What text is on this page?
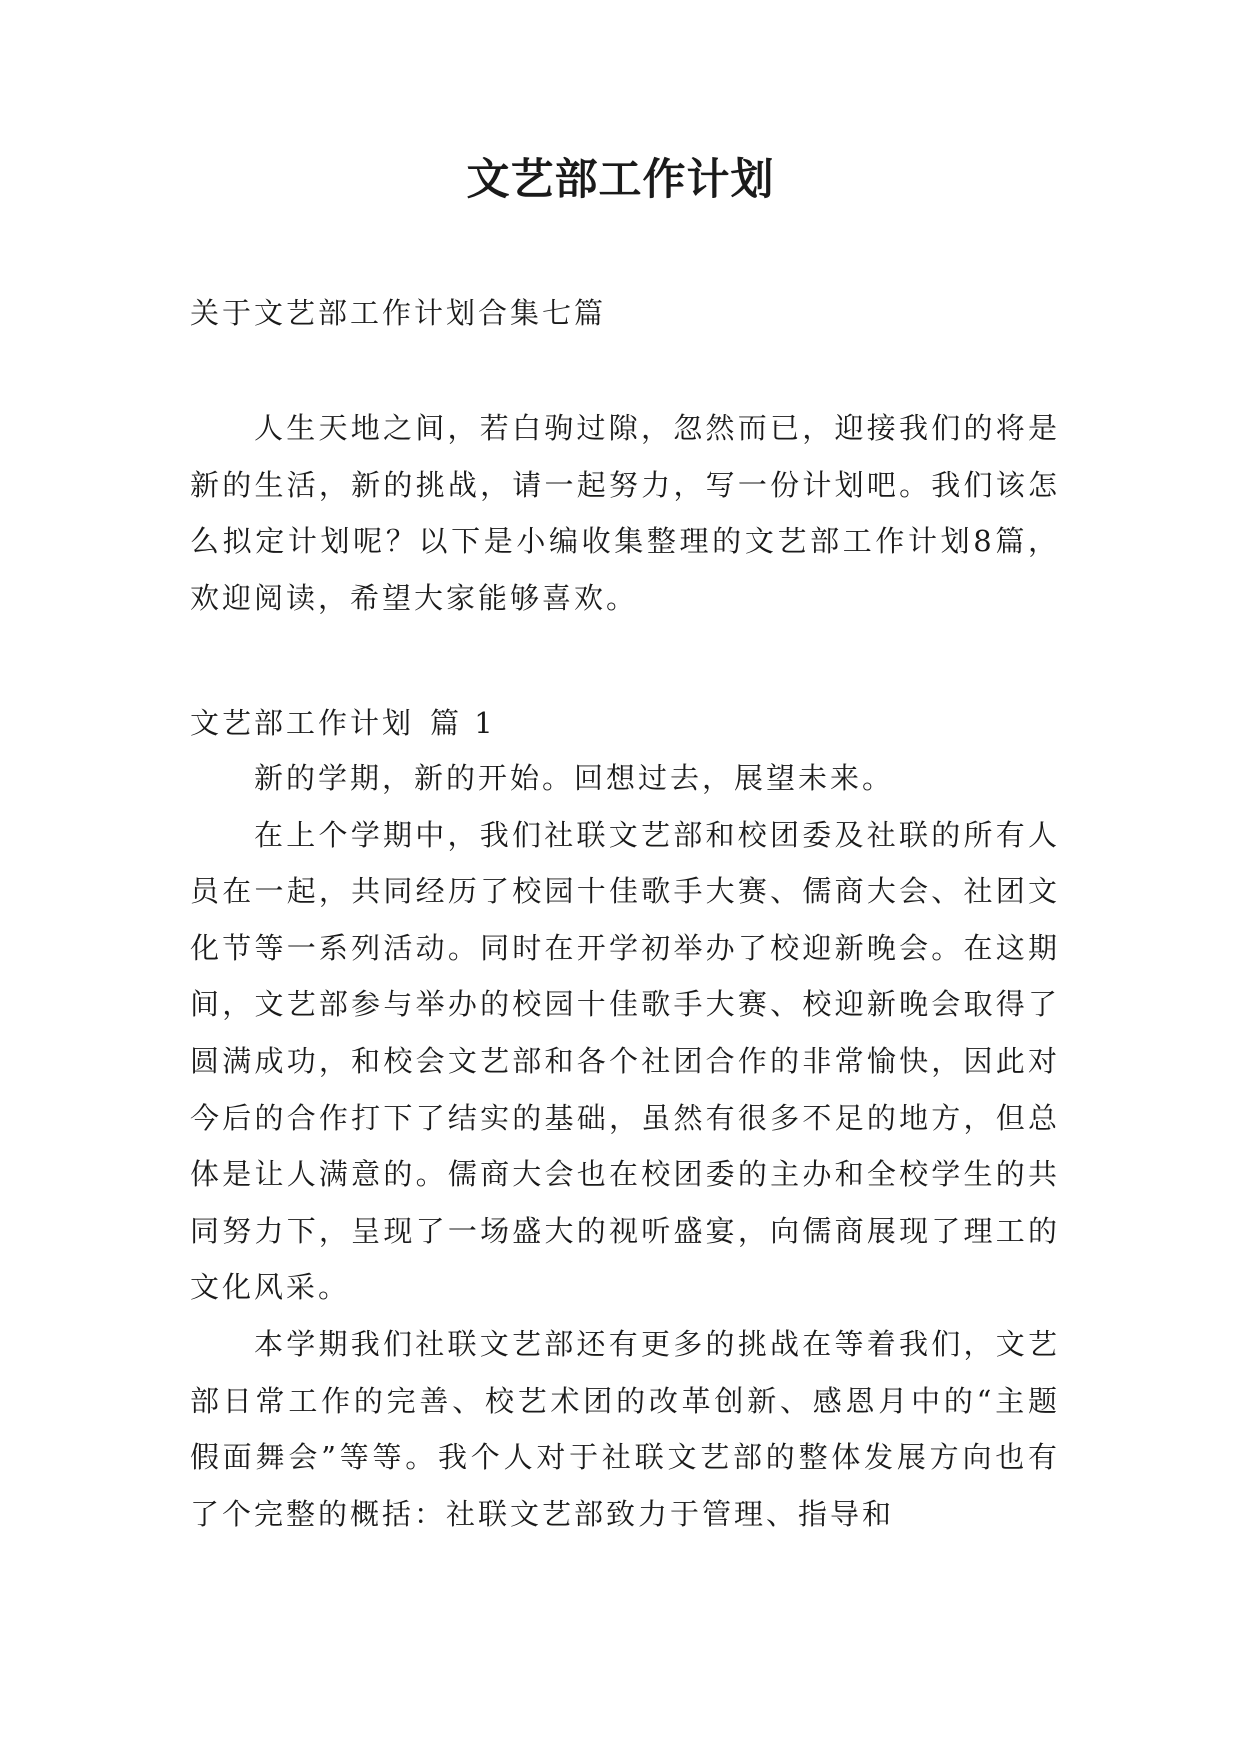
文艺部工作计划
关于文艺部工作计划合集七篇

人生天地之间，若白驹过隙，忽然而已，迎接我们的将是新的生活，新的挑战，请一起努力，写一份计划吧。我们该怎么拟定计划呢？以下是小编收集整理的文艺部工作计划8篇，欢迎阅读，希望大家能够喜欢。

文艺部工作计划 篇 1

新的学期，新的开始。回想过去，展望未来。

在上个学期中，我们社联文艺部和校团委及社联的所有人员在一起，共同经历了校园十佳歌手大赛、儒商大会、社团文化节等一系列活动。同时在开学初举办了校迎新晚会。在这期间，文艺部参与举办的校园十佳歌手大赛、校迎新晚会取得了圆满成功，和校会文艺部和各个社团合作的非常愉快，因此对今后的合作打下了结实的基础，虽然有很多不足的地方，但总体是让人满意的。儒商大会也在校团委的主办和全校学生的共同努力下，呈现了一场盛大的视听盛宴，向儒商展现了理工的文化风采。

本学期我们社联文艺部还有更多的挑战在等着我们，文艺部日常工作的完善、校艺术团的改革创新、感恩月中的“主题假面舞会”等等。我个人对于社联文艺部的整体发展方向也有了个完整的概括：社联文艺部致力于管理、指导和
